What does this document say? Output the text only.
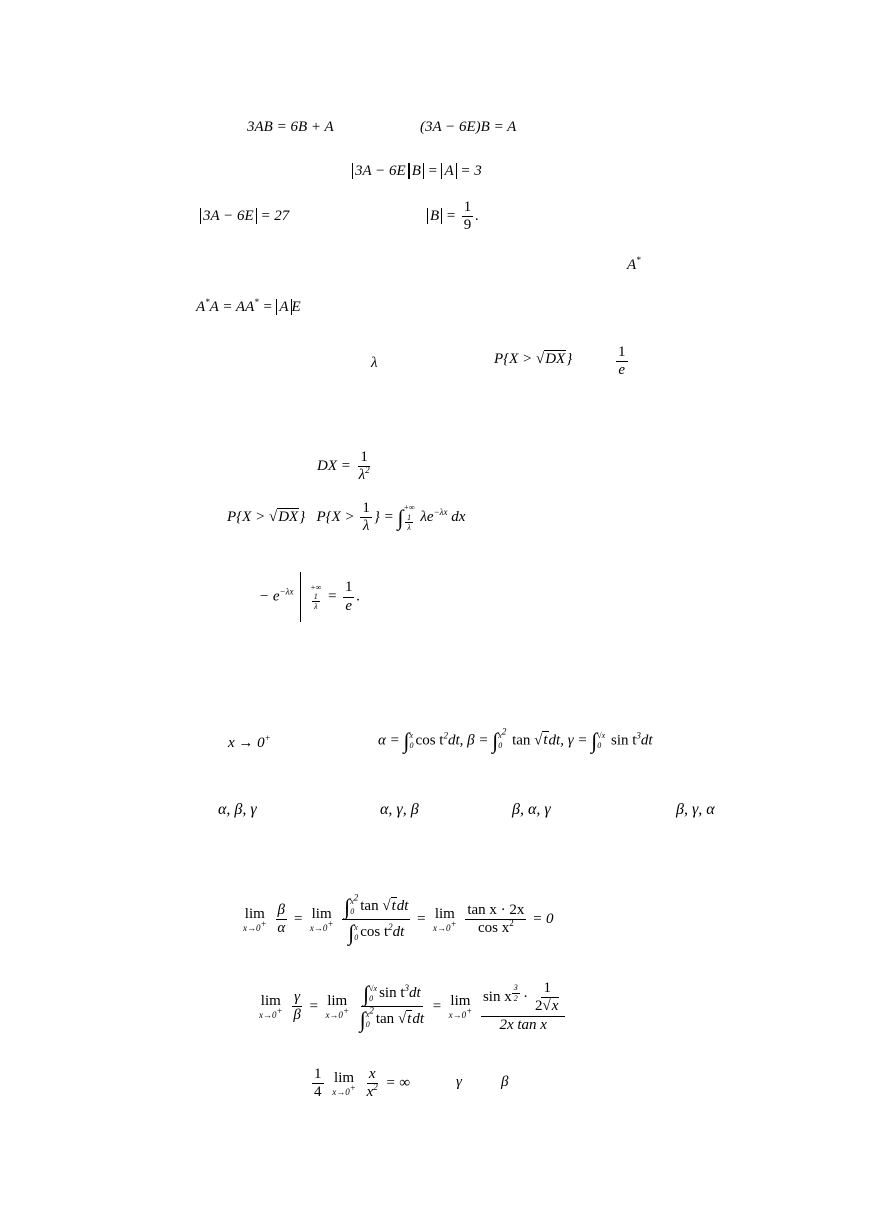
3AB = 6B + A	(3A − 6E)B = A
3A − 6E B = A = 3
3A − 6E = 27	$B = \frac{1}{9}$ .
A*
A*A = AA* = A E
λ	P{X > √DX}	$\frac{1}{e}$
DX = $\frac{1}{\lambda^2}$
P{X > √DX} $P\{X > \frac{1}{\lambda}$ } = ∫ +∞
$\frac{1}{\lambda} \lambda e^{-\lambda x}$ dx
− $e^{-\lambda x}$ +∞
$\frac{1}{\lambda} = \frac{1}{e}$ .
x → 0+	α = ∫ x
0 $\cos t^2dt$, β = ∫ $x^2$
0 tan √tdt, γ = ∫ √x
0 $\sin t^3dt$
α, β, γ	α, γ, β	β, α, γ	β, γ, α
lim
x→0+
$\frac{\beta}{\alpha} = \lim$
x→0+
∫ $x^2$
0 tan √tdt
∫ x
0 $\cos t^2dt = \lim$
x→0+
$\frac{\text{tan x · 2x}}{\cos x^2} = 0$
lim
x→0+
$\frac{\gamma}{\beta} = \lim$
x→0+
∫ √x
0 $\sin t^3dt$
∫ $x^2$
0 tan √tdt = lim
x→0+
sin x $^{\frac{3}{2}} \cdot \frac{1}{2√x}$
2x tan x
$\frac{1}{4}$
lim
x→0+
$\frac{x}{x^2}$ = ∞	γ	β
